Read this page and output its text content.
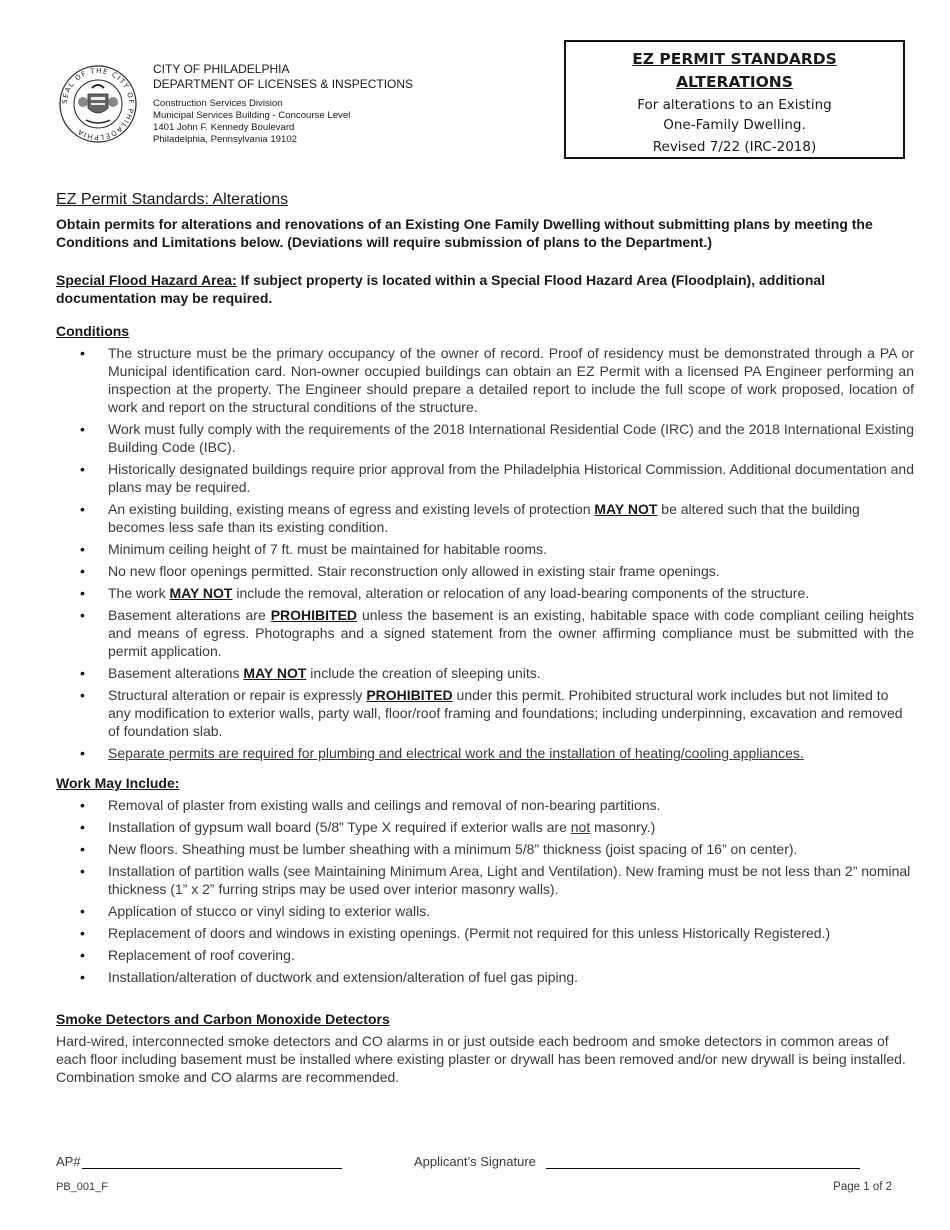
SEAL OF THE CITY OF PHILADELPHIA
CITY OF PHILADELPHIA
DEPARTMENT OF LICENSES & INSPECTIONS
Construction Services Division
Municipal Services Building - Concourse Level
1401 John F. Kennedy Boulevard
Philadelphia, Pennsylvania 19102
EZ PERMIT STANDARDS
ALTERATIONS
For alterations to an Existing
One-Family Dwelling.
Revised 7/22 (IRC-2018)
EZ Permit Standards: Alterations

Obtain permits for alterations and renovations of an Existing One Family Dwelling without submitting plans by meeting the Conditions and Limitations below. (Deviations will require submission of plans to the Department.)

Special Flood Hazard Area: If subject property is located within a Special Flood Hazard Area (Floodplain), additional documentation may be required.
Conditions
• The structure must be the primary occupancy of the owner of record. Proof of residency must be demonstrated through a PA or Municipal identification card. Non-owner occupied buildings can obtain an EZ Permit with a licensed PA Engineer performing an inspection at the property. The Engineer should prepare a detailed report to include the full scope of work proposed, location of work and report on the structural conditions of the structure.
• Work must fully comply with the requirements of the 2018 International Residential Code (IRC) and the 2018 International Existing Building Code (IBC).
• Historically designated buildings require prior approval from the Philadelphia Historical Commission. Additional documentation and plans may be required.
• An existing building, existing means of egress and existing levels of protection MAY NOT be altered such that the building becomes less safe than its existing condition.
• Minimum ceiling height of 7 ft. must be maintained for habitable rooms.
• No new floor openings permitted. Stair reconstruction only allowed in existing stair frame openings.
• The work MAY NOT include the removal, alteration or relocation of any load-bearing components of the structure.
• Basement alterations are PROHIBITED unless the basement is an existing, habitable space with code compliant ceiling heights and means of egress. Photographs and a signed statement from the owner affirming compliance must be submitted with the permit application.
• Basement alterations MAY NOT include the creation of sleeping units.
• Structural alteration or repair is expressly PROHIBITED under this permit. Prohibited structural work includes but not limited to any modification to exterior walls, party wall, floor/roof framing and foundations; including underpinning, excavation and removed of foundation slab.
• Separate permits are required for plumbing and electrical work and the installation of heating/cooling appliances.
Work May Include:
• Removal of plaster from existing walls and ceilings and removal of non-bearing partitions.
• Installation of gypsum wall board (5/8” Type X required if exterior walls are not masonry.)
• New floors. Sheathing must be lumber sheathing with a minimum 5/8” thickness (joist spacing of 16” on center).
• Installation of partition walls (see Maintaining Minimum Area, Light and Ventilation). New framing must be not less than 2” nominal thickness (1” x 2” furring strips may be used over interior masonry walls).
• Application of stucco or vinyl siding to exterior walls.
• Replacement of doors and windows in existing openings. (Permit not required for this unless Historically Registered.)
• Replacement of roof covering.
• Installation/alteration of ductwork and extension/alteration of fuel gas piping.
Smoke Detectors and Carbon Monoxide Detectors

Hard-wired, interconnected smoke detectors and CO alarms in or just outside each bedroom and smoke detectors in common areas of each floor including basement must be installed where existing plaster or drywall has been removed and/or new drywall is being installed. Combination smoke and CO alarms are recommended.

AP#	Applicant’s Signature
PB_001_F	Page 1 of 2
